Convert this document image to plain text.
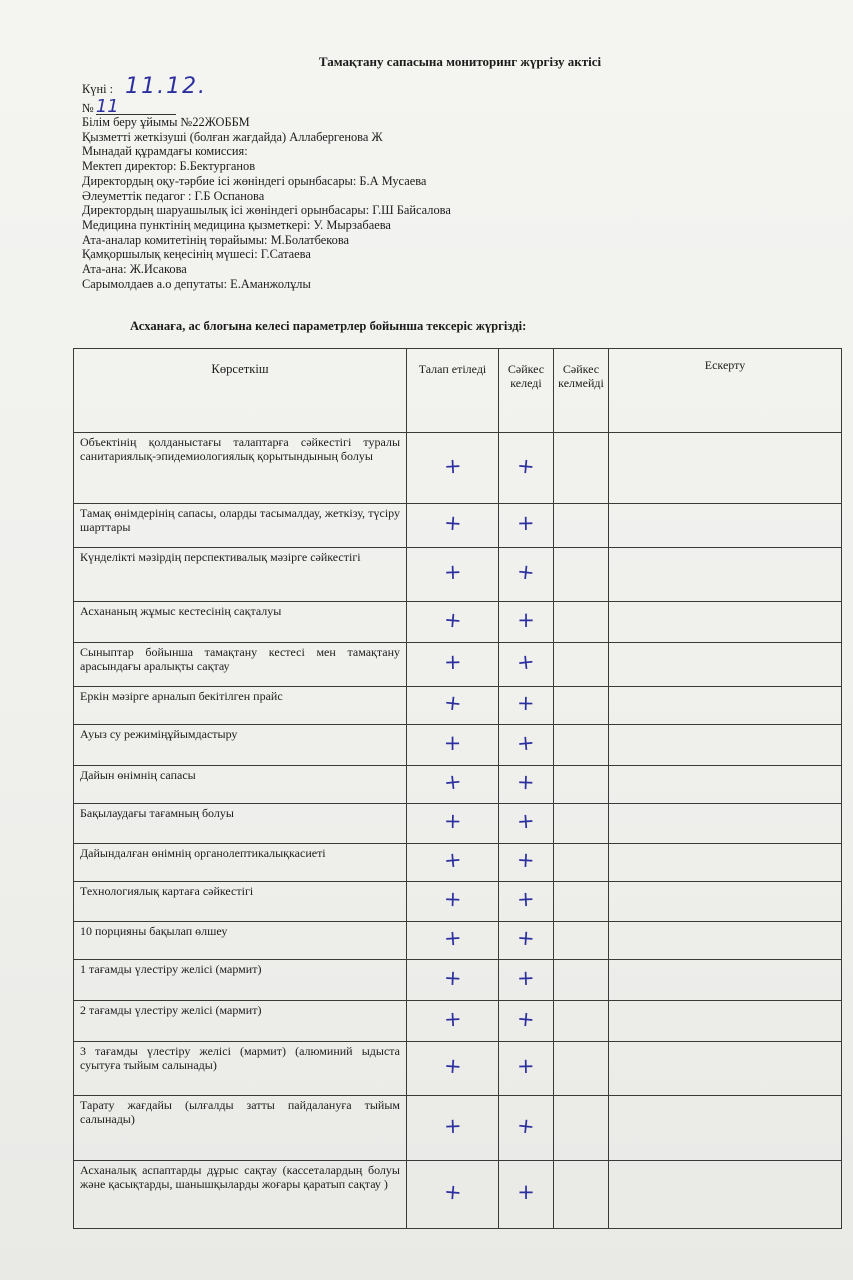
Тамақтану сапасына мониторинг жүргізу актісі
Күні : 11.12.
№ 11
Білім беру ұйымы №22ЖОББМ
Қызметті жеткізуші (болған жағдайда) Аллабергенова Ж
Мынадай құрамдағы комиссия:
Мектеп директор: Б.Бектурганов
Директордың оқу-тәрбие ісі жөніндегі орынбасары: Б.А Мусаева
Әлеуметтік педагог : Г.Б Оспанова
Директордың шаруашылық ісі жөніндегі орынбасары: Г.Ш Байсалова
Медицина пунктінің медицина қызметкері: У. Мырзабаева
Ата-аналар комитетінің төрайымы: М.Болатбекова
Қамқоршылық кеңесінің мүшесі: Г.Сатаева
Ата-ана: Ж.Исакова
Сарымолдаев а.о депутаты: Е.Аманжолұлы
Асханаға, ас блогына келесі параметрлер бойынша тексеріс жүргізді:
Көрсеткіш	Талап етіледі	Сәйкес келеді	Сәйкес келмейді	Ескерту
Объектінің қолданыстағы талаптарға сәйкестігі туралы санитариялық-эпидемиологиялық қорытындының болуы	+	+		
Тамақ өнімдерінің сапасы, оларды тасымалдау, жеткізу, түсіру шарттары	+	+		
Күнделікті мәзірдің перспективалық мәзірге сәйкестігі	+	+		
Асхананың жұмыс кестесінің сақталуы	+	+		
Сыныптар бойынша тамақтану кестесі мен тамақтану арасындағы аралықты сақтау	+	+		
Еркін мәзірге арналып бекітілген прайс	+	+		
Ауыз су режиміңұйымдастыру	+	+		
Дайын өнімнің сапасы	+	+		
Бақылаудағы тағамның болуы	+	+		
Дайындалған өнімнің органолептикалықкасиеті	+	+		
Технологиялық картаға сәйкестігі	+	+		
10 порцияны бақылап өлшеу	+	+		
1 тағамды үлестіру желісі (мармит)	+	+		
2 тағамды үлестіру желісі (мармит)	+	+		
3 тағамды үлестіру желісі (мармит) (алюминий ыдыста суытуға тыйым салынады)	+	+		
Тарату жағдайы (ылғалды затты пайдалануға тыйым салынады)	+	+		
Асханалық аспаптарды дұрыс сақтау (кассеталардың болуы және қасықтарды, шанышқыларды жоғары қаратып сақтау )	+	+		
